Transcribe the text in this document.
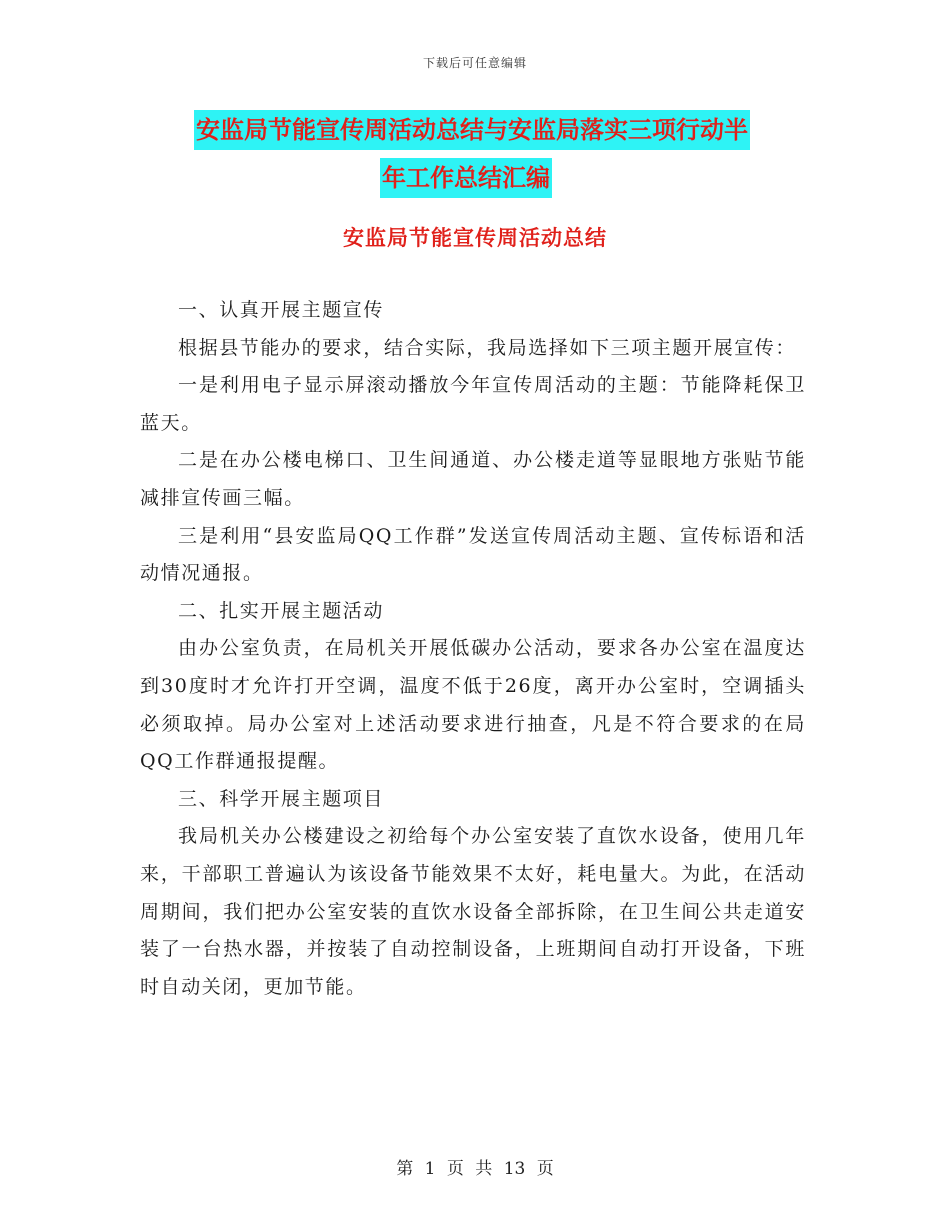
下载后可任意编辑
安监局节能宣传周活动总结与安监局落实三项行动半
年工作总结汇编
安监局节能宣传周活动总结

一、认真开展主题宣传

根据县节能办的要求，结合实际，我局选择如下三项主题开展宣传：

一是利用电子显示屏滚动播放今年宣传周活动的主题：节能降耗保卫蓝天。

二是在办公楼电梯口、卫生间通道、办公楼走道等显眼地方张贴节能减排宣传画三幅。

三是利用“县安监局QQ工作群”发送宣传周活动主题、宣传标语和活动情况通报。

二、扎实开展主题活动

由办公室负责，在局机关开展低碳办公活动，要求各办公室在温度达到30度时才允许打开空调，温度不低于26度，离开办公室时，空调插头必须取掉。局办公室对上述活动要求进行抽查，凡是不符合要求的在局QQ工作群通报提醒。

三、科学开展主题项目

我局机关办公楼建设之初给每个办公室安装了直饮水设备，使用几年来，干部职工普遍认为该设备节能效果不太好，耗电量大。为此，在活动周期间，我们把办公室安装的直饮水设备全部拆除，在卫生间公共走道安装了一台热水器，并按装了自动控制设备，上班期间自动打开设备，下班时自动关闭，更加节能。

第 1 页 共 13 页
